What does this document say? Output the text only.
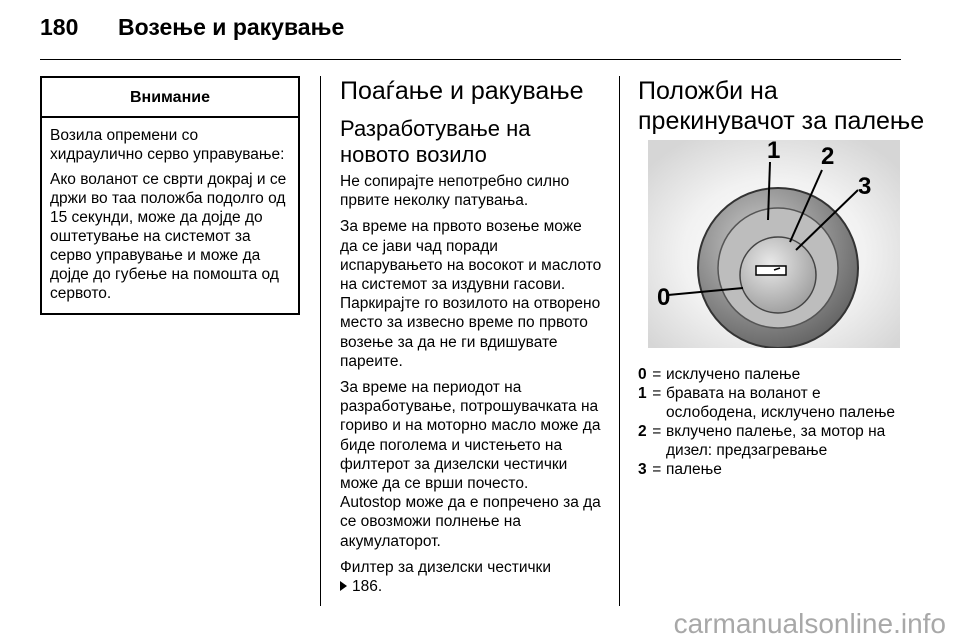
180 Возење и ракување
Внимание

Возила опремени со хидраулично серво управување:

Ако воланот се сврти докрај и се држи во таа положба подолго од 15 секунди, може да дојде до оштетување на системот за серво управување и може да дојде до губење на помошта од сервото.

Поаѓање и ракување
Разработување на новото возило

Не сопирајте непотребно силно првите неколку патувања.

За време на првото возење може да се јави чад поради испарувањето на восокот и маслото на системот за издувни гасови. Паркирајте го возилото на отворено место за извесно време по првото возење за да не ги вдишувате пареите.

За време на периодот на разработување, потрошувачката на гориво и на моторно масло може да биде поголема и чистењето на филтерот за дизелски честички може да се врши почесто.

Autostop може да е попречено за да се овозможи полнење на акумулаторот.

Филтер за дизелски честички
186.

Положби на
прекинувачот за палење
0
1 2
3
0 = исклучено палење
1 = бравата на воланот е ослободена, исклучено палење
2 = вклучено палење, за мотор на дизел: предзагревање
3 = палење
carmanualsonline.info
